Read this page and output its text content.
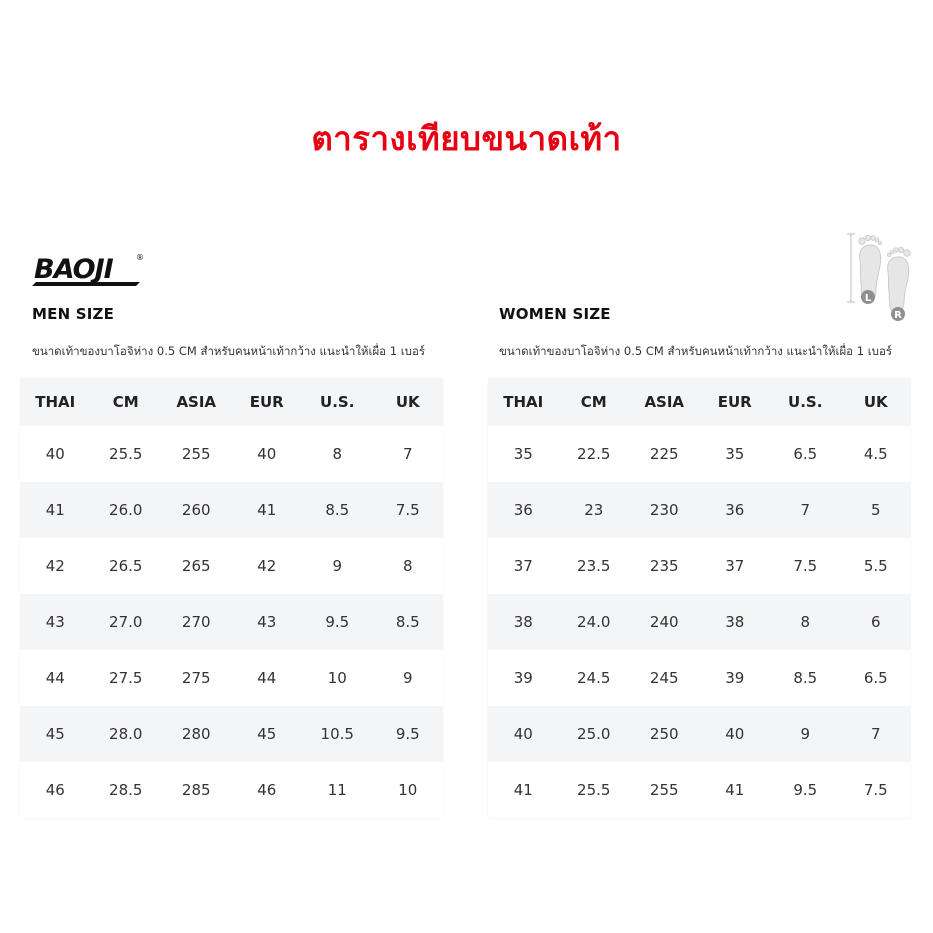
ตารางเทียบขนาดเท้า
BAOJI	®
L
R
MEN SIZE
ขนาดเท้าของบาโอจิห่าง 0.5 CM สำหรับคนหน้าเท้ากว้าง แนะนำให้เผื่อ 1 เบอร์
THAI	CM	ASIA	EUR	U.S.	UK
40	25.5	255	40	8	7
41	26.0	260	41	8.5	7.5
42	26.5	265	42	9	8
43	27.0	270	43	9.5	8.5
44	27.5	275	44	10	9
45	28.0	280	45	10.5	9.5
46	28.5	285	46	11	10
WOMEN SIZE
ขนาดเท้าของบาโอจิห่าง 0.5 CM สำหรับคนหน้าเท้ากว้าง แนะนำให้เผื่อ 1 เบอร์
THAI	CM	ASIA	EUR	U.S.	UK
35	22.5	225	35	6.5	4.5
36	23	230	36	7	5
37	23.5	235	37	7.5	5.5
38	24.0	240	38	8	6
39	24.5	245	39	8.5	6.5
40	25.0	250	40	9	7
41	25.5	255	41	9.5	7.5
